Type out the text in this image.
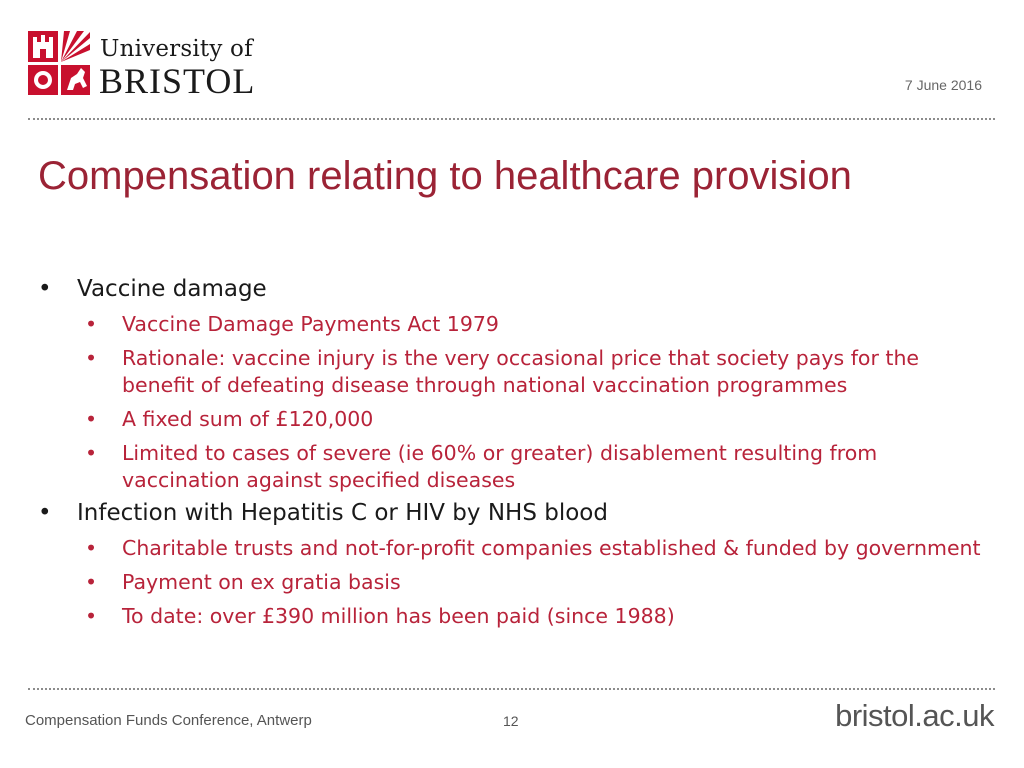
University of
BRISTOL	7 June 2016
Compensation relating to healthcare provision
• Vaccine damage
• Vaccine Damage Payments Act 1979
• Rationale: vaccine injury is the very occasional price that society pays for the benefit of defeating disease through national vaccination programmes
• A fixed sum of £120,000
• Limited to cases of severe (ie 60% or greater) disablement resulting from vaccination against specified diseases
• Infection with Hepatitis C or HIV by NHS blood
• Charitable trusts and not-for-profit companies established & funded by government
• Payment on ex gratia basis
• To date: over £390 million has been paid (since 1988)
Compensation Funds Conference, Antwerp	12	bristol.ac.uk
